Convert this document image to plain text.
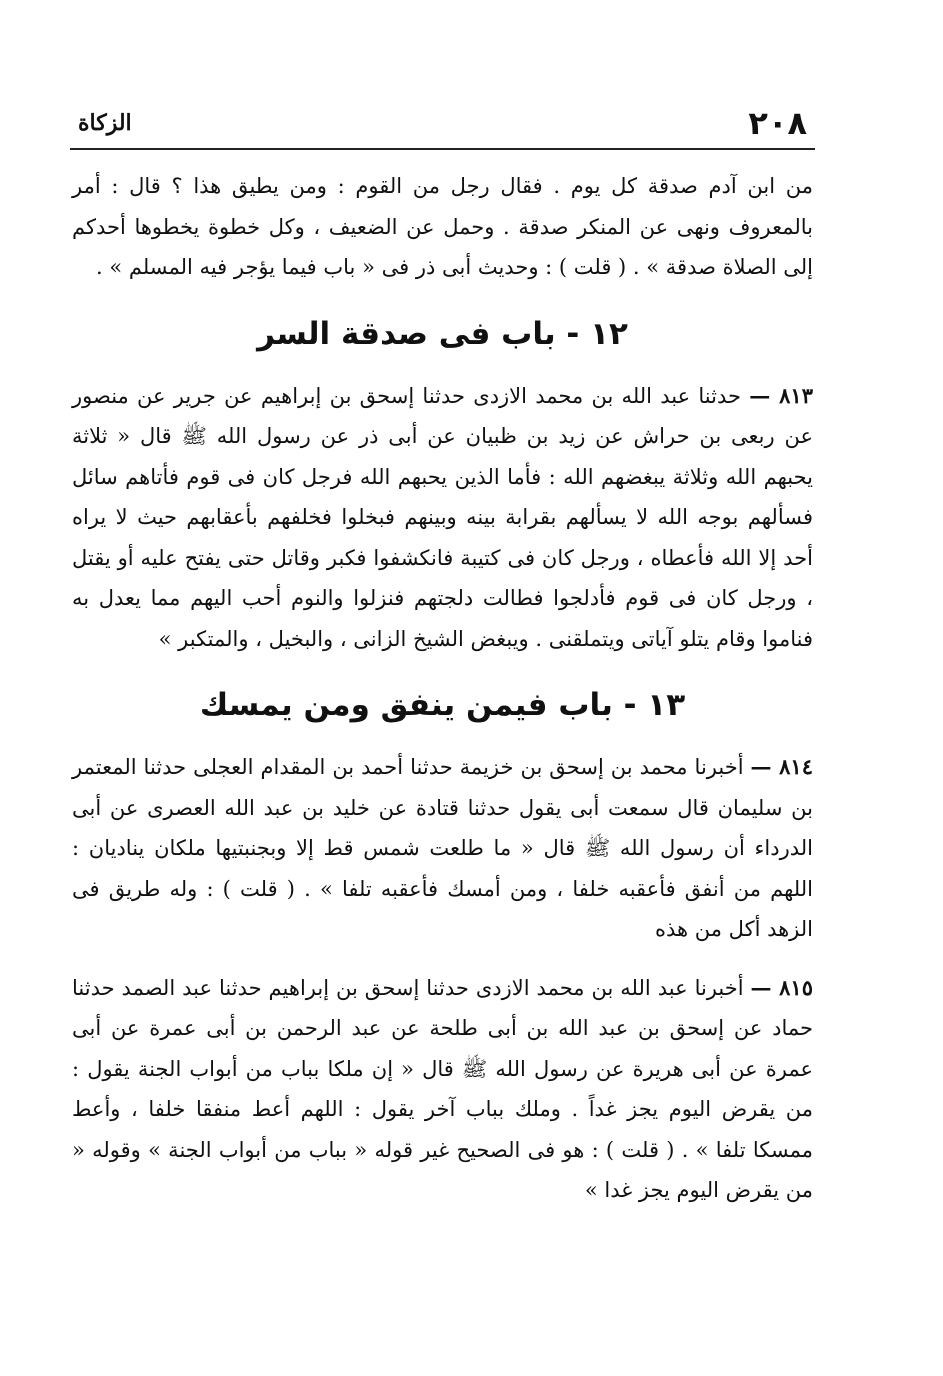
٢٠٨
الزكاة

من ابن آدم صدقة كل يوم . فقال رجل من القوم : ومن يطيق هذا ؟ قال : أمر بالمعروف ونهى عن المنكر صدقة . وحمل عن الضعيف ، وكل خطوة يخطوها أحدكم إلى الصلاة صدقة » . ( قلت ) : وحديث أبى ذر فى « باب فيما يؤجر فيه المسلم » .

١٢ - باب فى صدقة السر

٨١٣ — حدثنا عبد الله بن محمد الازدى حدثنا إسحق بن إبراهيم عن جرير عن منصور عن ربعى بن حراش عن زيد بن ظبيان عن أبى ذر عن رسول الله ﷺ قال « ثلاثة يحبهم الله وثلاثة يبغضهم الله : فأما الذين يحبهم الله فرجل كان فى قوم فأتاهم سائل فسألهم بوجه الله لا يسألهم بقرابة بينه وبينهم فبخلوا فخلفهم بأعقابهم حيث لا يراه أحد إلا الله فأعطاه ، ورجل كان فى كتيبة فانكشفوا فكبر وقاتل حتى يفتح عليه أو يقتل ، ورجل كان فى قوم فأدلجوا فطالت دلجتهم فنزلوا والنوم أحب اليهم مما يعدل به فناموا وقام يتلو آياتى ويتملقنى . ويبغض الشيخ الزانى ، والبخيل ، والمتكبر »

١٣ - باب فيمن ينفق ومن يمسك

٨١٤ — أخبرنا محمد بن إسحق بن خزيمة حدثنا أحمد بن المقدام العجلى حدثنا المعتمر بن سليمان قال سمعت أبى يقول حدثنا قتادة عن خليد بن عبد الله العصرى عن أبى الدرداء أن رسول الله ﷺ قال « ما طلعت شمس قط إلا وبجنبتيها ملكان يناديان : اللهم من أنفق فأعقبه خلفا ، ومن أمسك فأعقبه تلفا » . ( قلت ) : وله طريق فى الزهد أكل من هذه

٨١٥ — أخبرنا عبد الله بن محمد الازدى حدثنا إسحق بن إبراهيم حدثنا عبد الصمد حدثنا حماد عن إسحق بن عبد الله بن أبى طلحة عن عبد الرحمن بن أبى عمرة عن أبى عمرة عن أبى هريرة عن رسول الله ﷺ قال « إن ملكا بباب من أبواب الجنة يقول : من يقرض اليوم يجز غداً . وملك بباب آخر يقول : اللهم أعط منفقا خلفا ، وأعط ممسكا تلفا » . ( قلت ) : هو فى الصحيح غير قوله « بباب من أبواب الجنة » وقوله « من يقرض اليوم يجز غدا »
